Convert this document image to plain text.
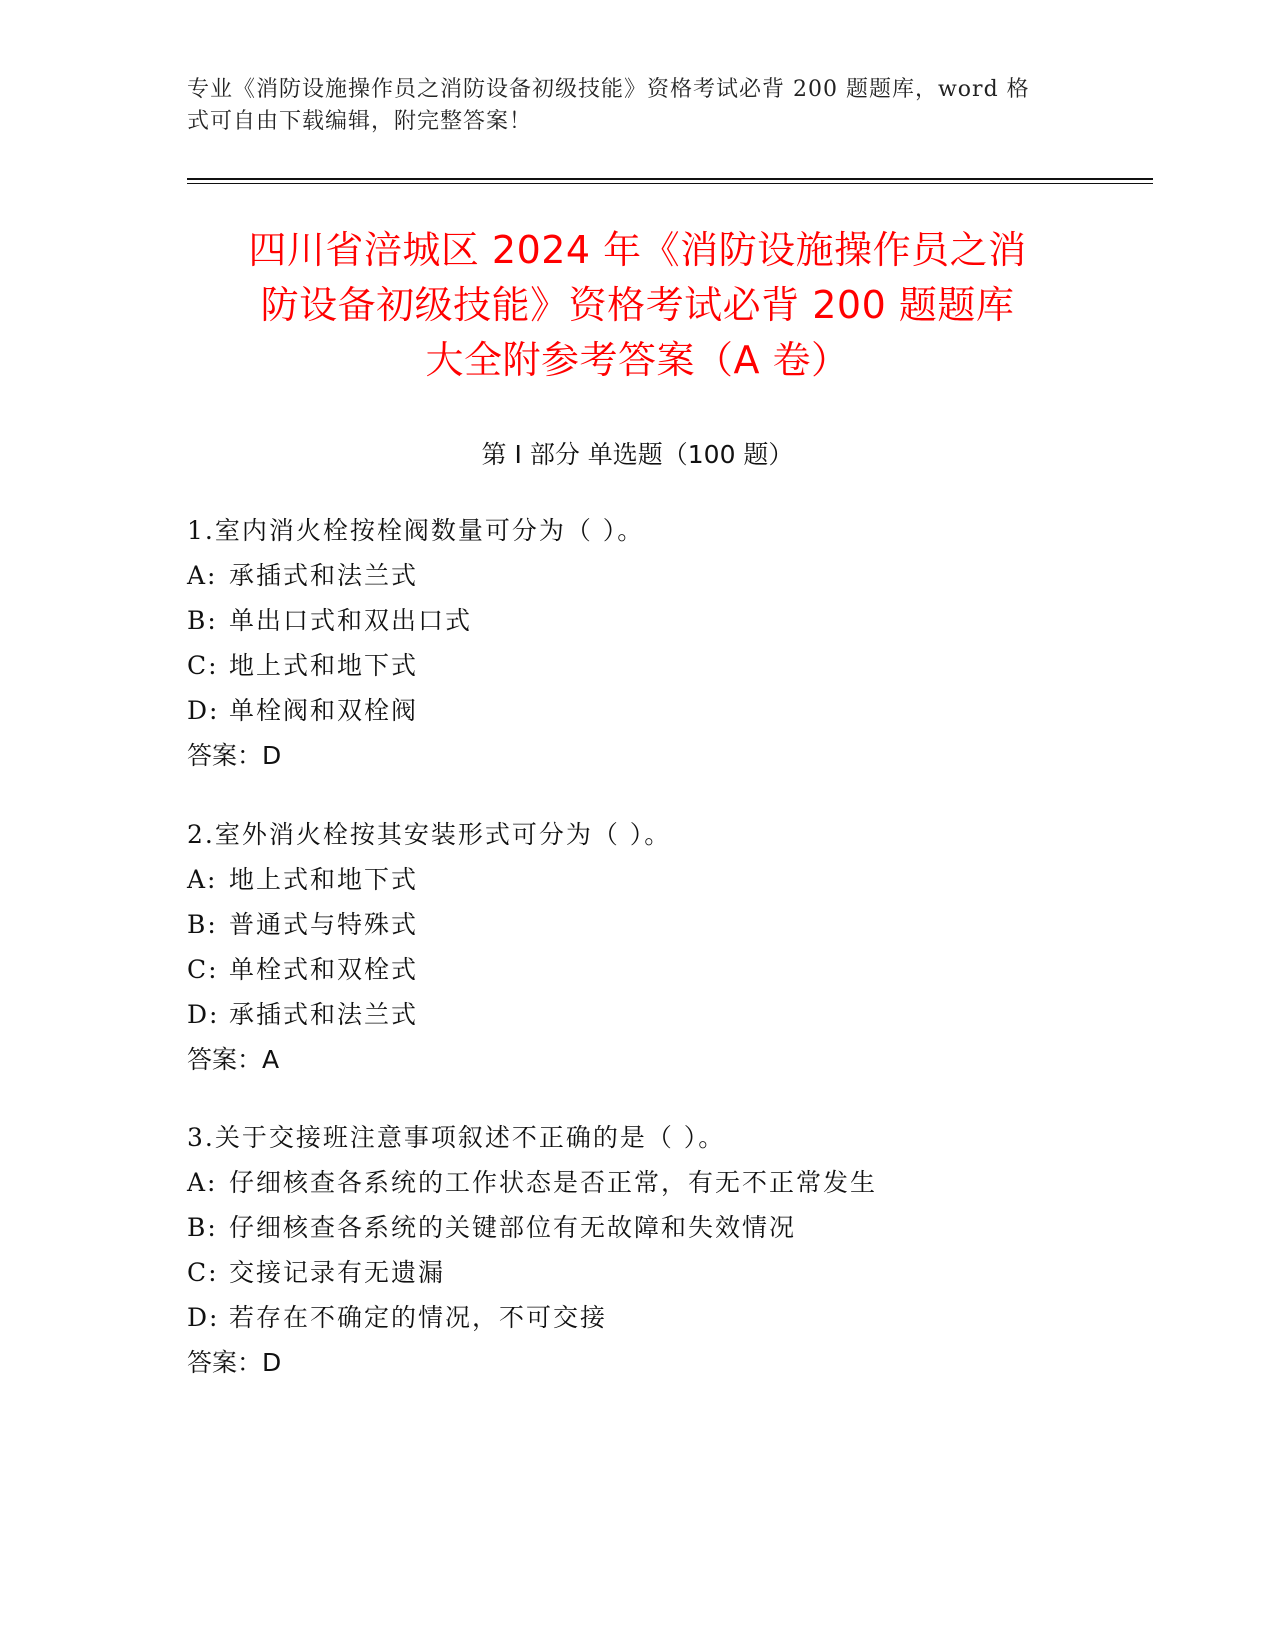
专业《消防设施操作员之消防设备初级技能》资格考试必背 200 题题库，word 格
式可自由下载编辑，附完整答案！
四川省涪城区 2024 年《消防设施操作员之消
防设备初级技能》资格考试必背 200 题题库
大全附参考答案（A 卷）
第 I 部分 单选题（100 题）
1.室内消火栓按栓阀数量可分为（ ）。
A: 承插式和法兰式
B: 单出口式和双出口式
C: 地上式和地下式
D: 单栓阀和双栓阀
答案：D
2.室外消火栓按其安装形式可分为（ ）。
A: 地上式和地下式
B: 普通式与特殊式
C: 单栓式和双栓式
D: 承插式和法兰式
答案：A
3.关于交接班注意事项叙述不正确的是（ ）。
A: 仔细核查各系统的工作状态是否正常，有无不正常发生
B: 仔细核查各系统的关键部位有无故障和失效情况
C: 交接记录有无遗漏
D: 若存在不确定的情况，不可交接
答案：D
